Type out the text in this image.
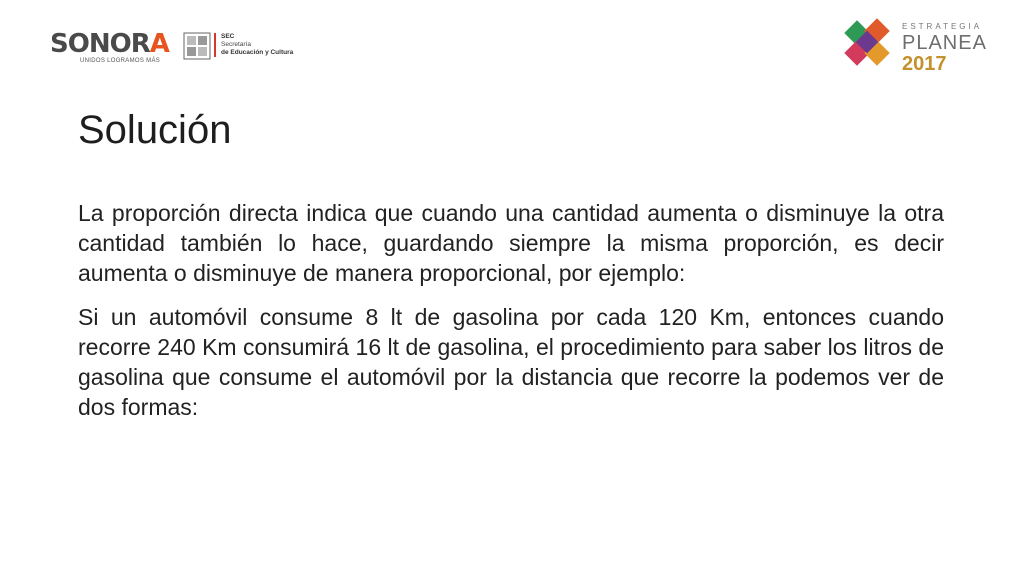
SONORA
UNIDOS LOGRAMOS MÁS
SEC
Secretaría
de Educación y Cultura
ESTRATEGIA
PLANEA
2017
Solución

La proporción directa indica que cuando una cantidad aumenta o disminuye la otra cantidad también lo hace, guardando siempre la misma proporción, es decir aumenta o disminuye de manera proporcional, por ejemplo:

Si un automóvil consume 8 lt de gasolina por cada 120 Km, entonces cuando recorre 240 Km consumirá 16 lt de gasolina, el procedimiento para saber los litros de gasolina que consume el automóvil por la distancia que recorre la podemos ver de dos formas:
